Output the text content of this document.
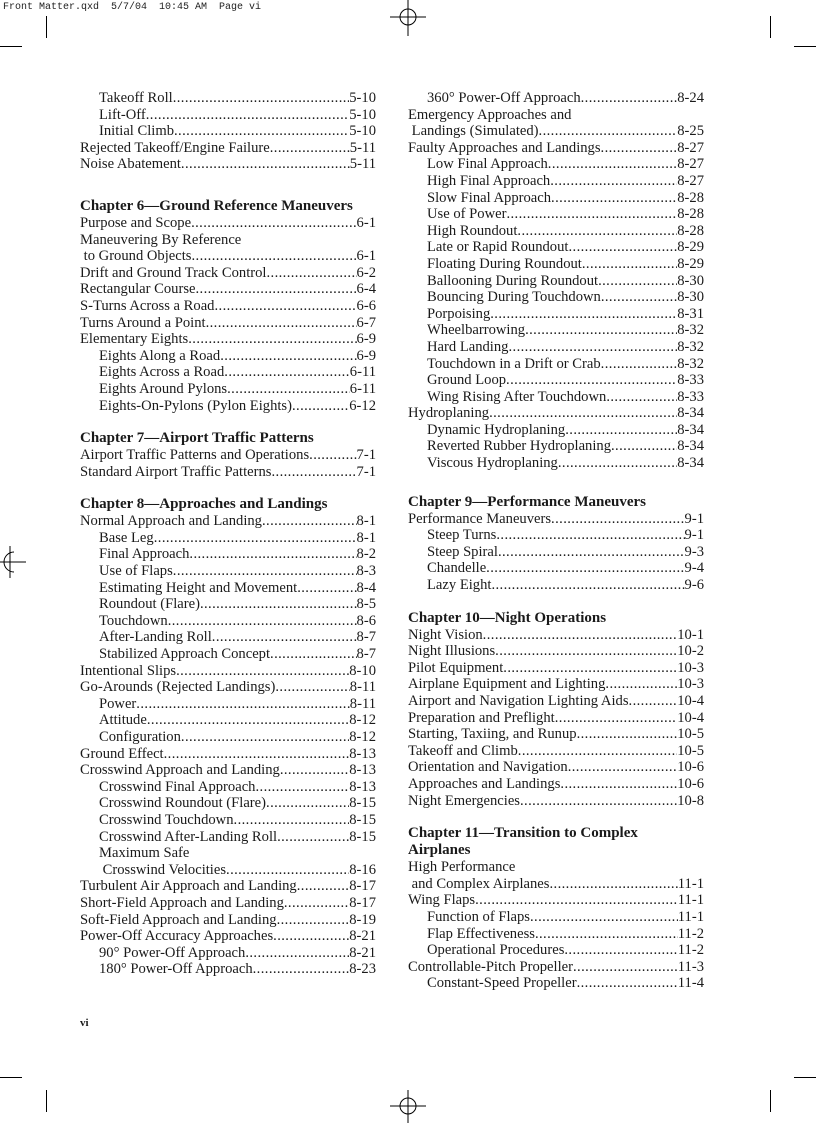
Front Matter.qxd  5/7/04  10:45 AM  Page vi
Takeoff Roll .....	5-10
Lift-Off .....	5-10
Initial Climb .....	5-10
Rejected Takeoff/Engine Failure .....	5-11
Noise Abatement .....	5-11
Chapter 6—Ground Reference Maneuvers
Purpose and Scope .....	6-1
Maneuvering By Reference
to Ground Objects .....	6-1
Drift and Ground Track Control .....	6-2
Rectangular Course .....	6-4
S-Turns Across a Road .....	6-6
Turns Around a Point .....	6-7
Elementary Eights .....	6-9
Eights Along a Road .....	6-9
Eights Across a Road .....	6-11
Eights Around Pylons .....	6-11
Eights-On-Pylons (Pylon Eights) .....	6-12
Chapter 7—Airport Traffic Patterns
Airport Traffic Patterns and Operations .....	7-1
Standard Airport Traffic Patterns .....	7-1
Chapter 8—Approaches and Landings
Normal Approach and Landing .....	8-1
Base Leg .....	8-1
Final Approach .....	8-2
Use of Flaps .....	8-3
Estimating Height and Movement .....	8-4
Roundout (Flare) .....	8-5
Touchdown .....	8-6
After-Landing Roll .....	8-7
Stabilized Approach Concept .....	8-7
Intentional Slips .....	8-10
Go-Arounds (Rejected Landings) .....	8-11
Power .....	8-11
Attitude .....	8-12
Configuration .....	8-12
Ground Effect .....	8-13
Crosswind Approach and Landing .....	8-13
Crosswind Final Approach .....	8-13
Crosswind Roundout (Flare) .....	8-15
Crosswind Touchdown .....	8-15
Crosswind After-Landing Roll .....	8-15
Maximum Safe
Crosswind Velocities .....	8-16
Turbulent Air Approach and Landing .....	8-17
Short-Field Approach and Landing .....	8-17
Soft-Field Approach and Landing .....	8-19
Power-Off Accuracy Approaches .....	8-21
90° Power-Off Approach .....	8-21
180° Power-Off Approach .....	8-23
360° Power-Off Approach .....	8-24
Emergency Approaches and
Landings (Simulated) .....	8-25
Faulty Approaches and Landings .....	8-27
Low Final Approach .....	8-27
High Final Approach .....	8-27
Slow Final Approach .....	8-28
Use of Power .....	8-28
High Roundout .....	8-28
Late or Rapid Roundout .....	8-29
Floating During Roundout .....	8-29
Ballooning During Roundout .....	8-30
Bouncing During Touchdown .....	8-30
Porpoising .....	8-31
Wheelbarrowing .....	8-32
Hard Landing .....	8-32
Touchdown in a Drift or Crab .....	8-32
Ground Loop .....	8-33
Wing Rising After Touchdown .....	8-33
Hydroplaning .....	8-34
Dynamic Hydroplaning .....	8-34
Reverted Rubber Hydroplaning .....	8-34
Viscous Hydroplaning .....	8-34
Chapter 9—Performance Maneuvers
Performance Maneuvers .....	9-1
Steep Turns .....	9-1
Steep Spiral .....	9-3
Chandelle .....	9-4
Lazy Eight .....	9-6
Chapter 10—Night Operations
Night Vision .....	10-1
Night Illusions .....	10-2
Pilot Equipment .....	10-3
Airplane Equipment and Lighting .....	10-3
Airport and Navigation Lighting Aids .....	10-4
Preparation and Preflight .....	10-4
Starting, Taxiing, and Runup .....	10-5
Takeoff and Climb .....	10-5
Orientation and Navigation .....	10-6
Approaches and Landings .....	10-6
Night Emergencies .....	10-8
Chapter 11—Transition to Complex
Airplanes
High Performance
and Complex Airplanes .....	11-1
Wing Flaps .....	11-1
Function of Flaps .....	11-1
Flap Effectiveness .....	11-2
Operational Procedures .....	11-2
Controllable-Pitch Propeller .....	11-3
Constant-Speed Propeller .....	11-4
vi
